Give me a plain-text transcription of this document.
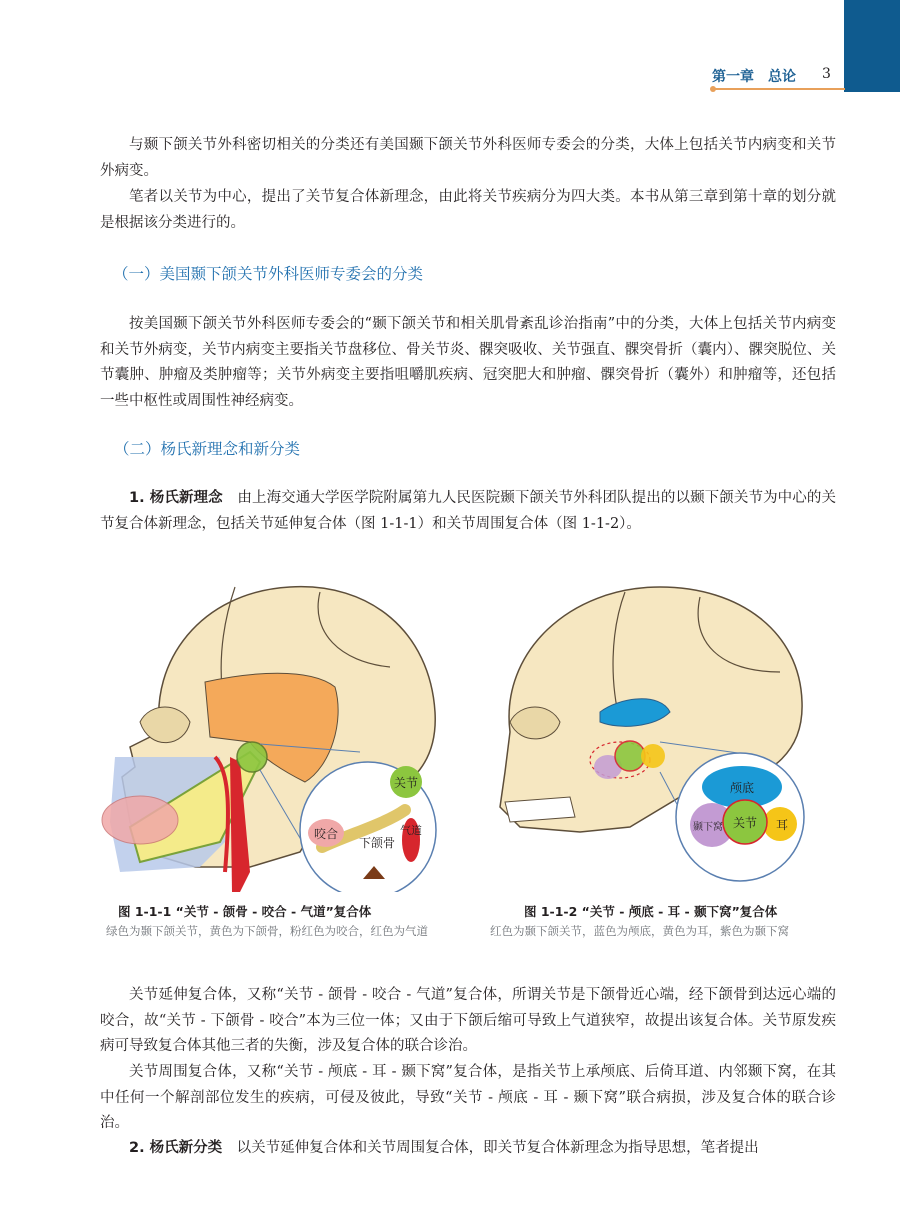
第一章　总论 3

与颞下颌关节外科密切相关的分类还有美国颞下颌关节外科医师专委会的分类，大体上包括关节内病变和关节外病变。

笔者以关节为中心，提出了关节复合体新理念，由此将关节疾病分为四大类。本书从第三章到第十章的划分就是根据该分类进行的。

（一）美国颞下颌关节外科医师专委会的分类

按美国颞下颌关节外科医师专委会的“颞下颌关节和相关肌骨紊乱诊治指南”中的分类，大体上包括关节内病变和关节外病变，关节内病变主要指关节盘移位、骨关节炎、髁突吸收、关节强直、髁突骨折（囊内）、髁突脱位、关节囊肿、肿瘤及类肿瘤等；关节外病变主要指咀嚼肌疾病、冠突肥大和肿瘤、髁突骨折（囊外）和肿瘤等，还包括一些中枢性或周围性神经病变。

（二）杨氏新理念和新分类

1. 杨氏新理念　 由上海交通大学医学院附属第九人民医院颞下颌关节外科团队提出的以颞下颌关节为中心的关节复合体新理念，包括关节延伸复合体（图 1-1-1）和关节周围复合体（图 1-1-2）。

关节
咬合
下颌骨
气道
图 1-1-1 “关节 - 颌骨 - 咬合 - 气道”复合体
绿色为颞下颌关节，黄色为下颌骨，粉红色为咬合，红色为气道
颅底
耳
颞下窝 关节
图 1-1-2 “关节 - 颅底 - 耳 - 颞下窝”复合体
红色为颞下颌关节，蓝色为颅底，黄色为耳，紫色为颞下窝

关节延伸复合体，又称“关节 - 颌骨 - 咬合 - 气道”复合体，所谓关节是下颌骨近心端，经下颌骨到达远心端的咬合，故“关节 - 下颌骨 - 咬合”本为三位一体；又由于下颌后缩可导致上气道狭窄，故提出该复合体。关节原发疾病可导致复合体其他三者的失衡，涉及复合体的联合诊治。

关节周围复合体，又称“关节 - 颅底 - 耳 - 颞下窝”复合体，是指关节上承颅底、后倚耳道、内邻颞下窝，在其中任何一个解剖部位发生的疾病，可侵及彼此，导致“关节 - 颅底 - 耳 - 颞下窝”联合病损，涉及复合体的联合诊治。

2. 杨氏新分类　 以关节延伸复合体和关节周围复合体，即关节复合体新理念为指导思想，笔者提出
